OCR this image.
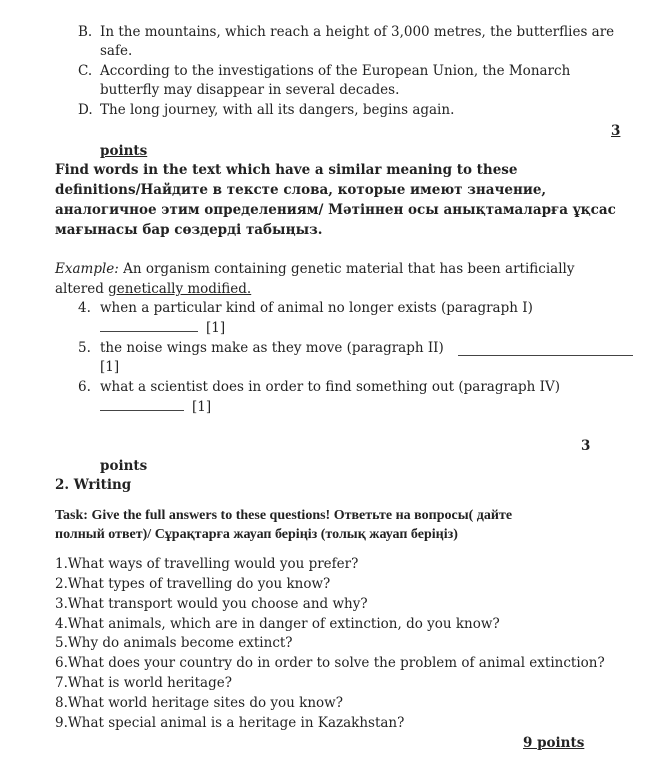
B. In the mountains, which reach a height of 3,000 metres, the butterflies are
safe.
C. According to the investigations of the European Union, the Monarch
butterfly may disappear in several decades.
D. The long journey, with all its dangers, begins again.
3
points
Find words in the text which have a similar meaning to these
definitions/Найдите в тексте слова, которые имеют значение,
аналогичное этим определениям/ Мәтіннен осы анықтамаларға ұқсас
мағынасы бар сөздерді табыңыз.
Example: An organism containing genetic material that has been artificially
altered genetically modified.
4. when a particular kind of animal no longer exists (paragraph I)
[1]
5. the noise wings make as they move (paragraph II)
[1]
6. what a scientist does in order to find something out (paragraph IV)
[1]
3
points
2. Writing
Task: Give the full answers to these questions! Ответьте на вопросы( дайте
полный ответ)/ Сұрақтарға жауап беріңіз (толық жауап беріңіз)
1.What ways of travelling would you prefer?
2.What types of travelling do you know?
3.What transport would you choose and why?
4.What animals, which are in danger of extinction, do you know?
5.Why do animals become extinct?
6.What does your country do in order to solve the problem of animal extinction?
7.What is world heritage?
8.What world heritage sites do you know?
9.What special animal is a heritage in Kazakhstan?
9 points
